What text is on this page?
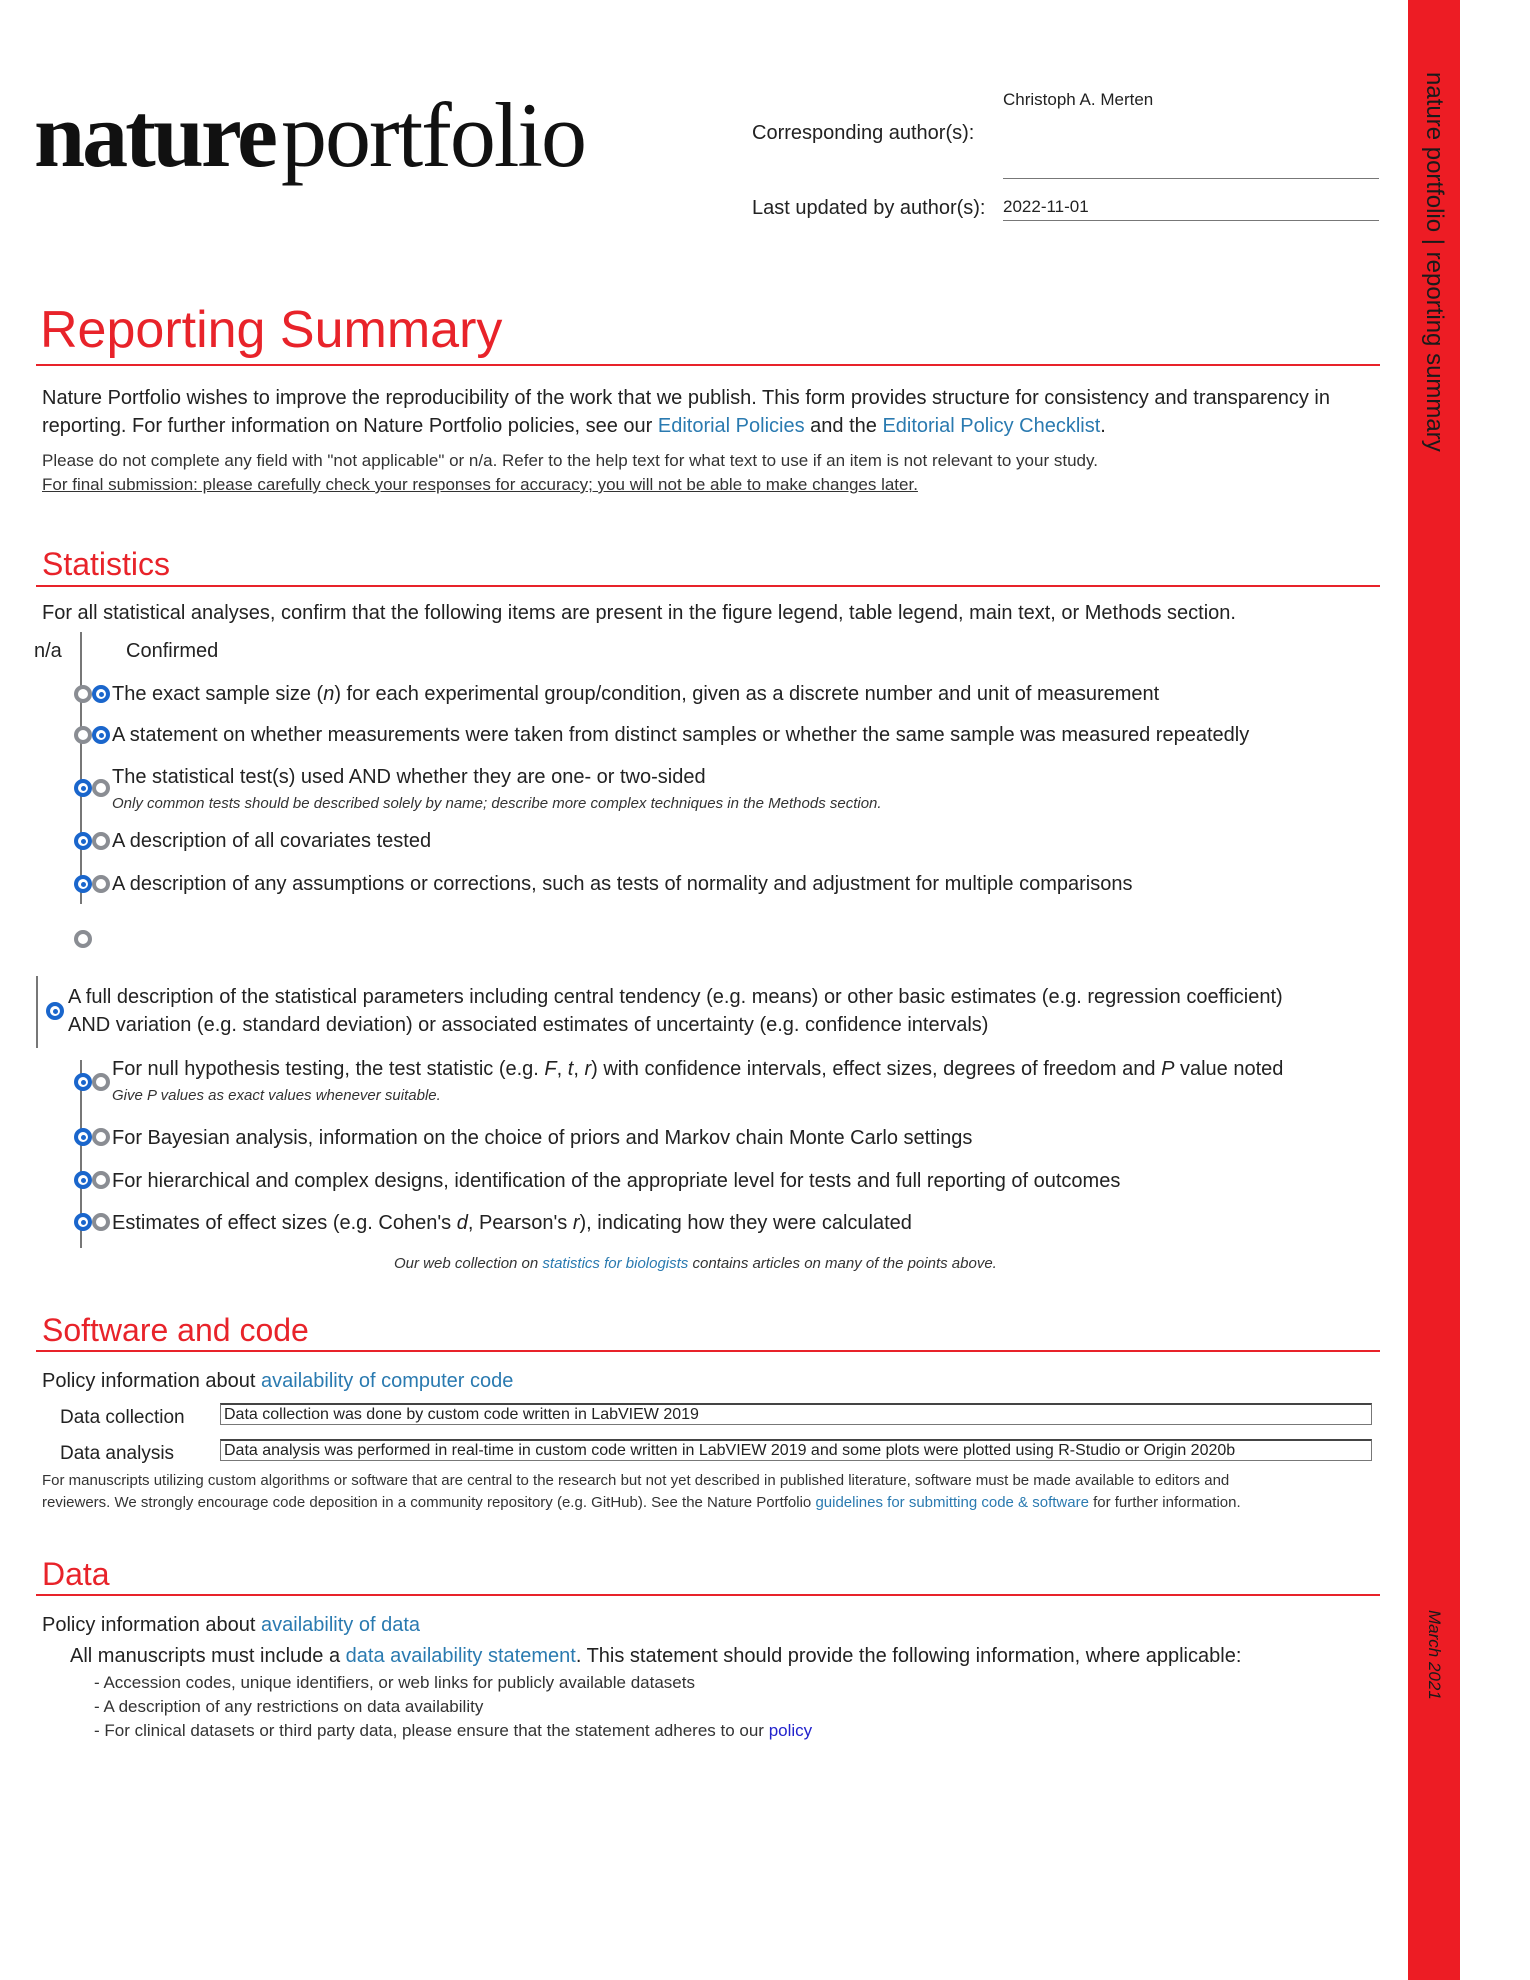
natureportfolio	Corresponding author(s):
Christoph A. Merten
Last updated by author(s): 2022-11-01	nature portfolio | reporting summary
March 2021
Reporting Summary
Nature Portfolio wishes to improve the reproducibility of the work that we publish. This form provides structure for consistency and transparency in reporting. For further information on Nature Portfolio policies, see our Editorial Policies and the Editorial Policy Checklist.
Please do not complete any field with "not applicable" or n/a. Refer to the help text for what text to use if an item is not relevant to your study.
For final submission: please carefully check your responses for accuracy; you will not be able to make changes later.
Statistics
For all statistical analyses, confirm that the following items are present in the figure legend, table legend, main text, or Methods section.
n/a	Confirmed
The exact sample size (n) for each experimental group/condition, given as a discrete number and unit of measurement
A statement on whether measurements were taken from distinct samples or whether the same sample was measured repeatedly
The statistical test(s) used AND whether they are one- or two-sided
Only common tests should be described solely by name; describe more complex techniques in the Methods section.
A description of all covariates tested
A description of any assumptions or corrections, such as tests of normality and adjustment for multiple comparisons
A full description of the statistical parameters including central tendency (e.g. means) or other basic estimates (e.g. regression coefficient)
AND variation (e.g. standard deviation) or associated estimates of uncertainty (e.g. confidence intervals)
For null hypothesis testing, the test statistic (e.g. F, t, r) with confidence intervals, effect sizes, degrees of freedom and P value noted
Give P values as exact values whenever suitable.
For Bayesian analysis, information on the choice of priors and Markov chain Monte Carlo settings
For hierarchical and complex designs, identification of the appropriate level for tests and full reporting of outcomes
Estimates of effect sizes (e.g. Cohen's d, Pearson's r), indicating how they were calculated
Our web collection on statistics for biologists contains articles on many of the points above.
Software and code
Policy information about availability of computer code
Data collection Data collection was done by custom code written in LabVIEW 2019
Data analysis	Data analysis was performed in real-time in custom code written in LabVIEW 2019 and some plots were plotted using R-Studio or Origin 2020b
For manuscripts utilizing custom algorithms or software that are central to the research but not yet described in published literature, software must be made available to editors and
reviewers. We strongly encourage code deposition in a community repository (e.g. GitHub). See the Nature Portfolio guidelines for submitting code & software for further information.
Data
Policy information about availability of data
All manuscripts must include a data availability statement. This statement should provide the following information, where applicable:
- Accession codes, unique identifiers, or web links for publicly available datasets
- A description of any restrictions on data availability
- For clinical datasets or third party data, please ensure that the statement adheres to our policy
